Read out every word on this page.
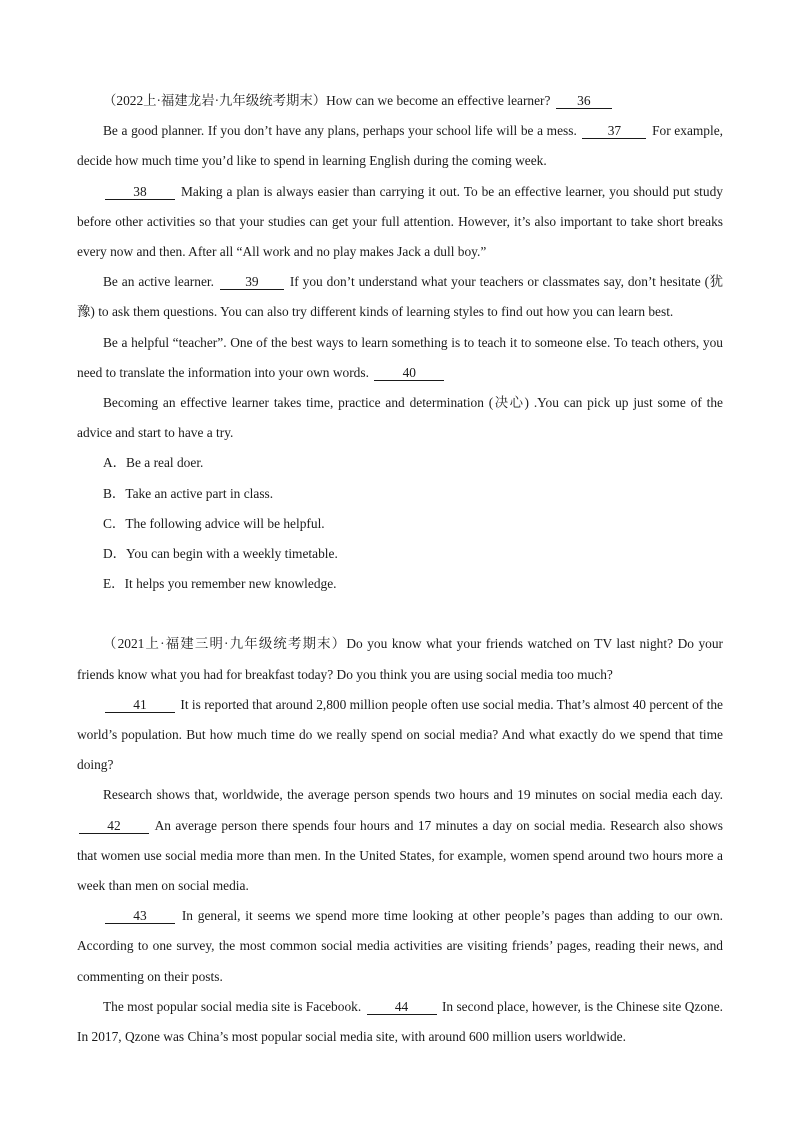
（2022上·福建龙岩·九年级统考期末）How can we become an effective learner? 36

Be a good planner. If you don’t have any plans, perhaps your school life will be a mess. 37 For example, decide how much time you’d like to spend in learning English during the coming week.

38	Making a plan is always easier than carrying it out. To be an effective learner, you should put study before other activities so that your studies can get your full attention. However, it’s also important to take short breaks every now and then. After all “All work and no play makes Jack a dull boy.”

Be an active learner. 39 If you don’t understand what your teachers or classmates say, don’t hesitate (犹豫) to ask them questions. You can also try different kinds of learning styles to find out how you can learn best.

Be a helpful “teacher”. One of the best ways to learn something is to teach it to someone else. To teach others, you need to translate the information into your own words.	40

Becoming an effective learner takes time, practice and determination (决心) .You can pick up just some of the advice and start to have a try.

A．Be a real doer.

B．Take an active part in class.

C．The following advice will be helpful.

D．You can begin with a weekly timetable.

E．It helps you remember new knowledge.

（2021上·福建三明·九年级统考期末）Do you know what your friends watched on TV last night? Do your friends know what you had for breakfast today? Do you think you are using social media too much?

41	It is reported that around 2,800 million people often use social media. That’s almost 40 percent of the world’s population. But how much time do we really spend on social media? And what exactly do we spend that time doing?

Research shows that, worldwide, the average person spends two hours and 19 minutes on social media each day.42	An average person there spends four hours and 17 minutes a day on social media. Research also shows that women use social media more than men. In the United States, for example, women spend around two hours more a week than men on social media.

43	In general, it seems we spend more time looking at other people’s pages than adding to our own. According to one survey, the most common social media activities are visiting friends’ pages, reading their news, and commenting on their posts.

The most popular social media site is Facebook.	44	In second place, however, is the Chinese site Qzone. In 2017, Qzone was China’s most popular social media site, with around 600 million users worldwide.
